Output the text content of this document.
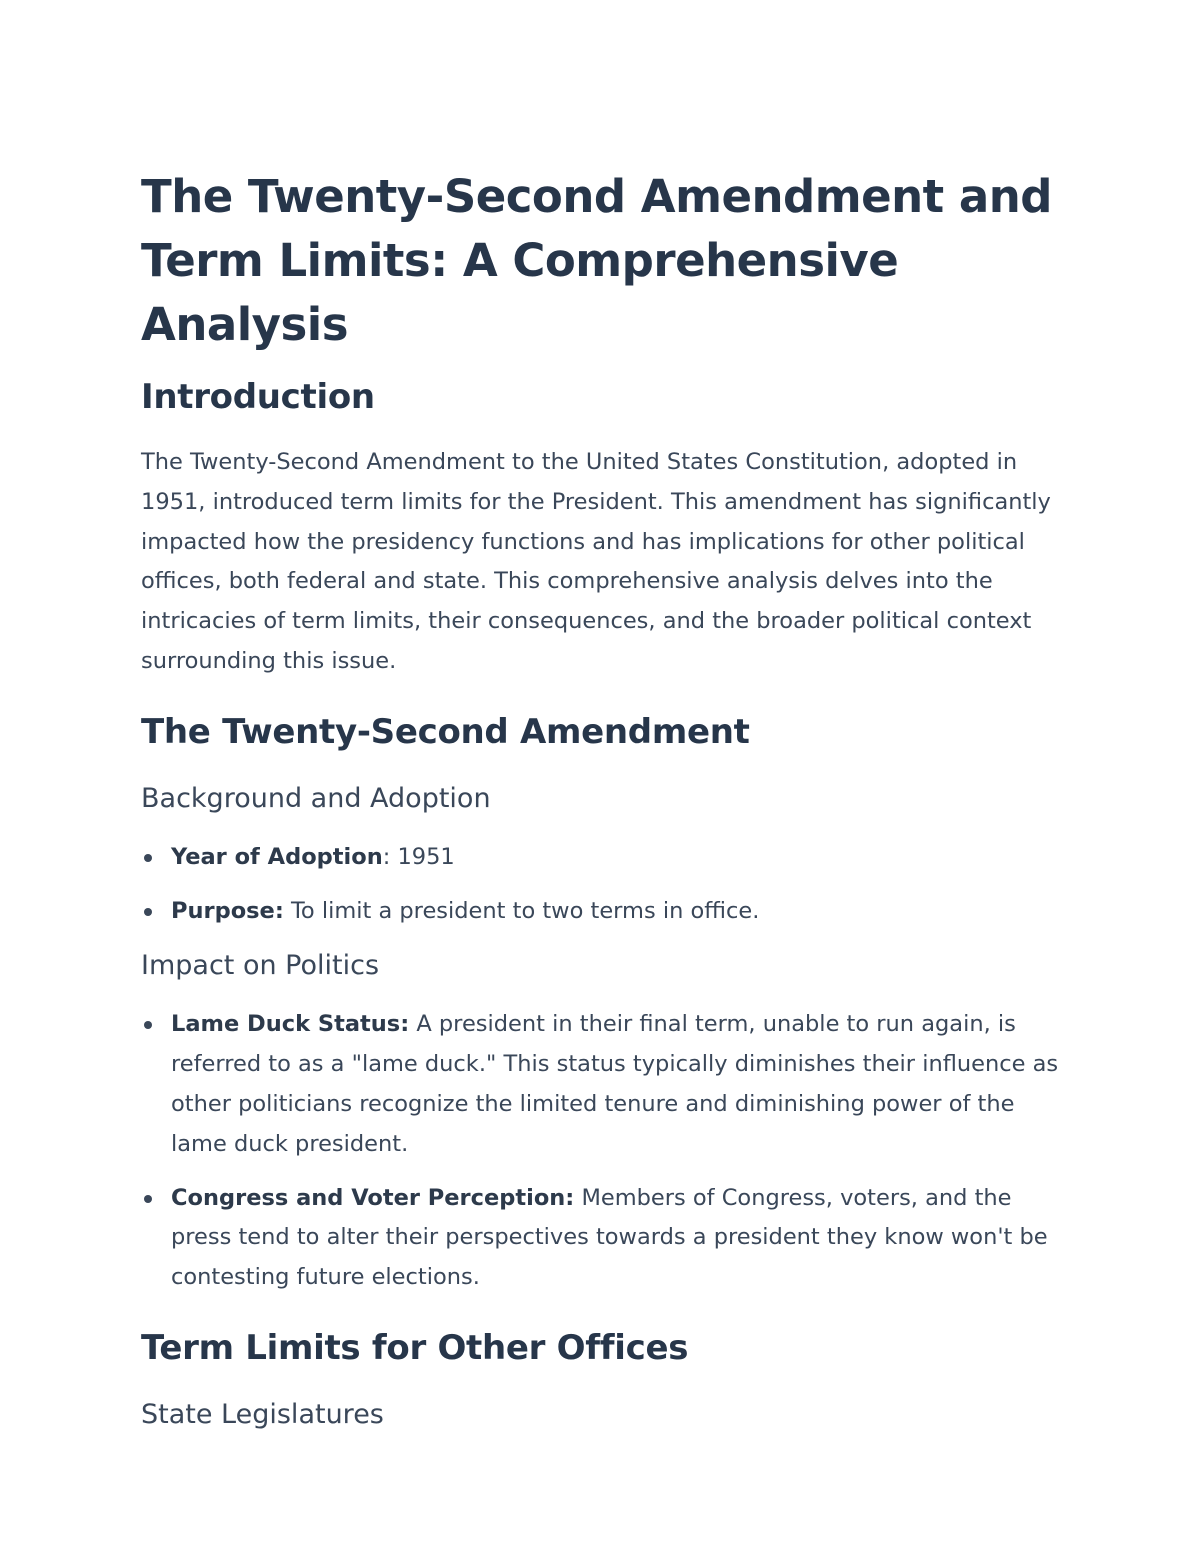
The Twenty-Second Amendment and Term Limits: A Comprehensive Analysis
Introduction

The Twenty-Second Amendment to the United States Constitution, adopted in 1951, introduced term limits for the President. This amendment has significantly impacted how the presidency functions and has implications for other political offices, both federal and state. This comprehensive analysis delves into the intricacies of term limits, their consequences, and the broader political context surrounding this issue.

The Twenty-Second Amendment
Background and Adoption
Year of Adoption: 1951
Purpose: To limit a president to two terms in office.
Impact on Politics
Lame Duck Status: A president in their final term, unable to run again, is referred to as a "lame duck." This status typically diminishes their influence as other politicians recognize the limited tenure and diminishing power of the lame duck president.
Congress and Voter Perception: Members of Congress, voters, and the press tend to alter their perspectives towards a president they know won't be contesting future elections.
Term Limits for Other Offices
State Legislatures
